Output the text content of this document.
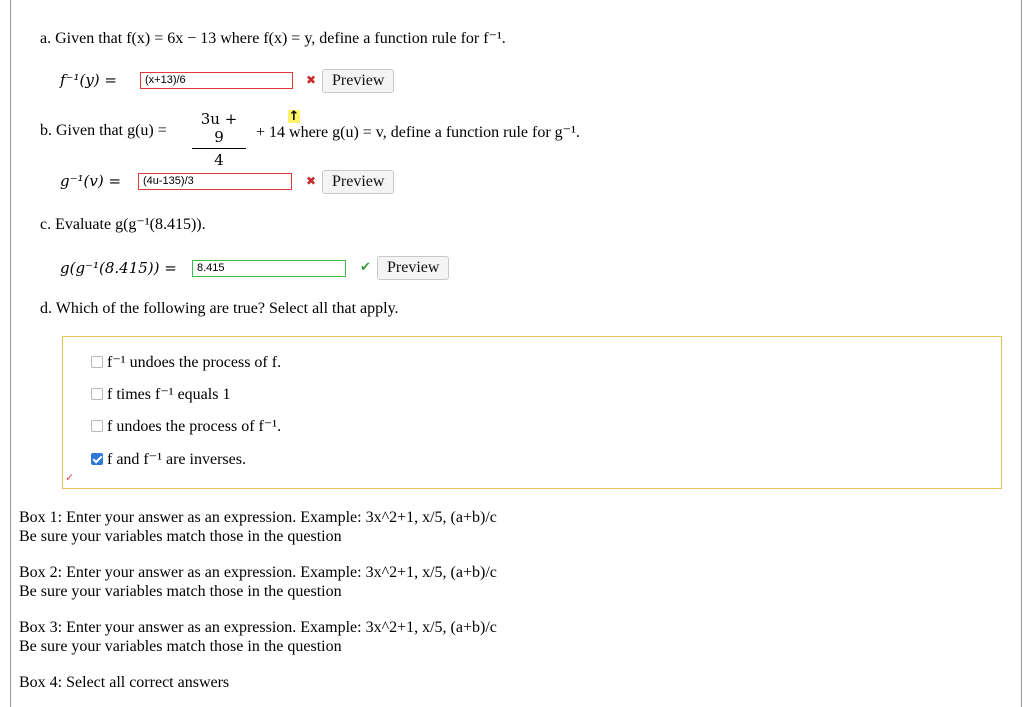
a. Given that f(x) = 6x − 13 where f(x) = y, define a function rule for f⁻¹.
f⁻¹(y) =	(x+13)/6	✖ Preview
b. Given that $g(u) = \frac{3u + 9}{4} + 14$ where g(u) = v, define a function rule for g⁻¹.
↑
g⁻¹(v) =	(4u-135)/3	✖ Preview
c. Evaluate g(g⁻¹(8.415)).
g(g⁻¹(8.415)) =	8.415	✔	Preview
d. Which of the following are true? Select all that apply.
f⁻¹ undoes the process of f.
f times f⁻¹ equals 1
f undoes the process of f⁻¹.
f and f⁻¹ are inverses.
✓
Box 1: Enter your answer as an expression. Example: 3x^2+1, x/5, (a+b)/c
Be sure your variables match those in the question
Box 2: Enter your answer as an expression. Example: 3x^2+1, x/5, (a+b)/c
Be sure your variables match those in the question
Box 3: Enter your answer as an expression. Example: 3x^2+1, x/5, (a+b)/c
Be sure your variables match those in the question
Box 4: Select all correct answers
